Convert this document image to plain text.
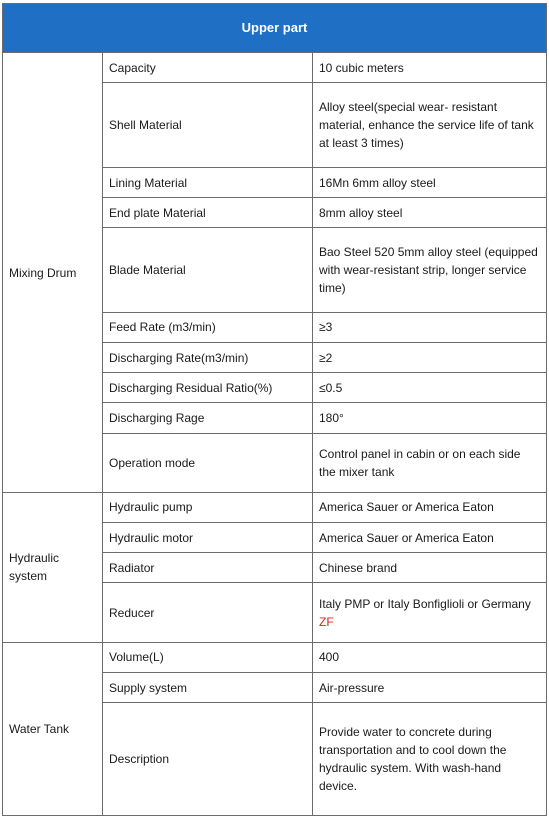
Upper part		
Mixing Drum	Capacity	10 cubic meters
	Shell Material	Alloy steel(special wear- resistant material, enhance the service life of tank at least 3 times)
	Lining Material	16Mn 6mm alloy steel
	End plate Material	8mm alloy steel
	Blade Material	Bao Steel 520 5mm alloy steel (equipped with wear-resistant strip, longer service time)
	Feed Rate (m3/min)	≥3
	Discharging Rate(m3/min)	≥2
	Discharging Residual Ratio(%)	≤0.5
	Discharging Rage	180°
	Operation mode	Control panel in cabin or on each side the mixer tank
Hydraulic system	Hydraulic pump	America Sauer or America Eaton
	Hydraulic motor	America Sauer or America Eaton
	Radiator	Chinese brand
	Reducer	Italy PMP or Italy Bonfiglioli or Germany ZF
Water Tank	Volume(L)	400
	Supply system	Air-pressure
	Description	Provide water to concrete during transportation and to cool down the hydraulic system. With wash-hand device.
